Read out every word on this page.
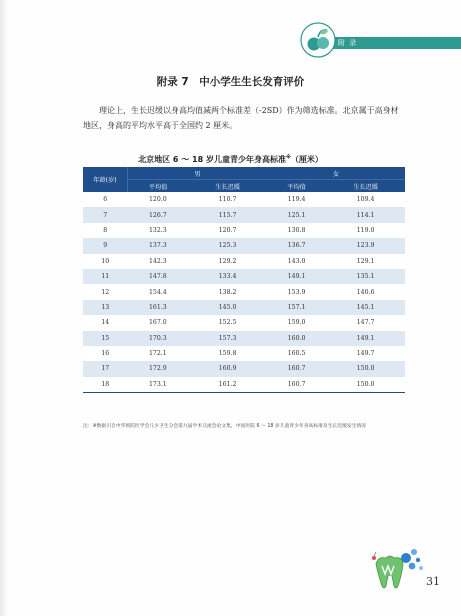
附 录
附录 7　中小学生生长发育评价
理论上，生长迟缓以身高均值减两个标准差（-2SD）作为筛选标准。北京属于高身材地区，身高的平均水平高于全国约 2 厘米。
北京地区 6 ～ 18 岁儿童青少年身高标准※（厘米）
年龄(岁)	男		女	
	平均值	生长迟缓	平均值	生长迟缓
6	120.0	110.7	119.4	109.4
7	126.7	115.7	125.1	114.1
8	132.3	120.7	130.8	119.0
9	137.3	125.3	136.7	123.9
10	142.3	129.2	143.0	129.1
11	147.8	133.4	149.1	135.1
12	154.4	138.2	153.9	140.6
13	161.3	145.0	157.1	145.1
14	167.0	152.5	159.0	147.7
15	170.3	157.3	160.0	149.1
16	172.1	159.8	160.5	149.7
17	172.9	160.9	160.7	150.0
18	173.1	161.2	160.7	150.0
注：※数据引自中华预防医学会儿少卫生分会第九届学术交流会论文集，中国医院 6 ～ 18 岁儿童青少年身高标准及生长迟缓发生情况
31
